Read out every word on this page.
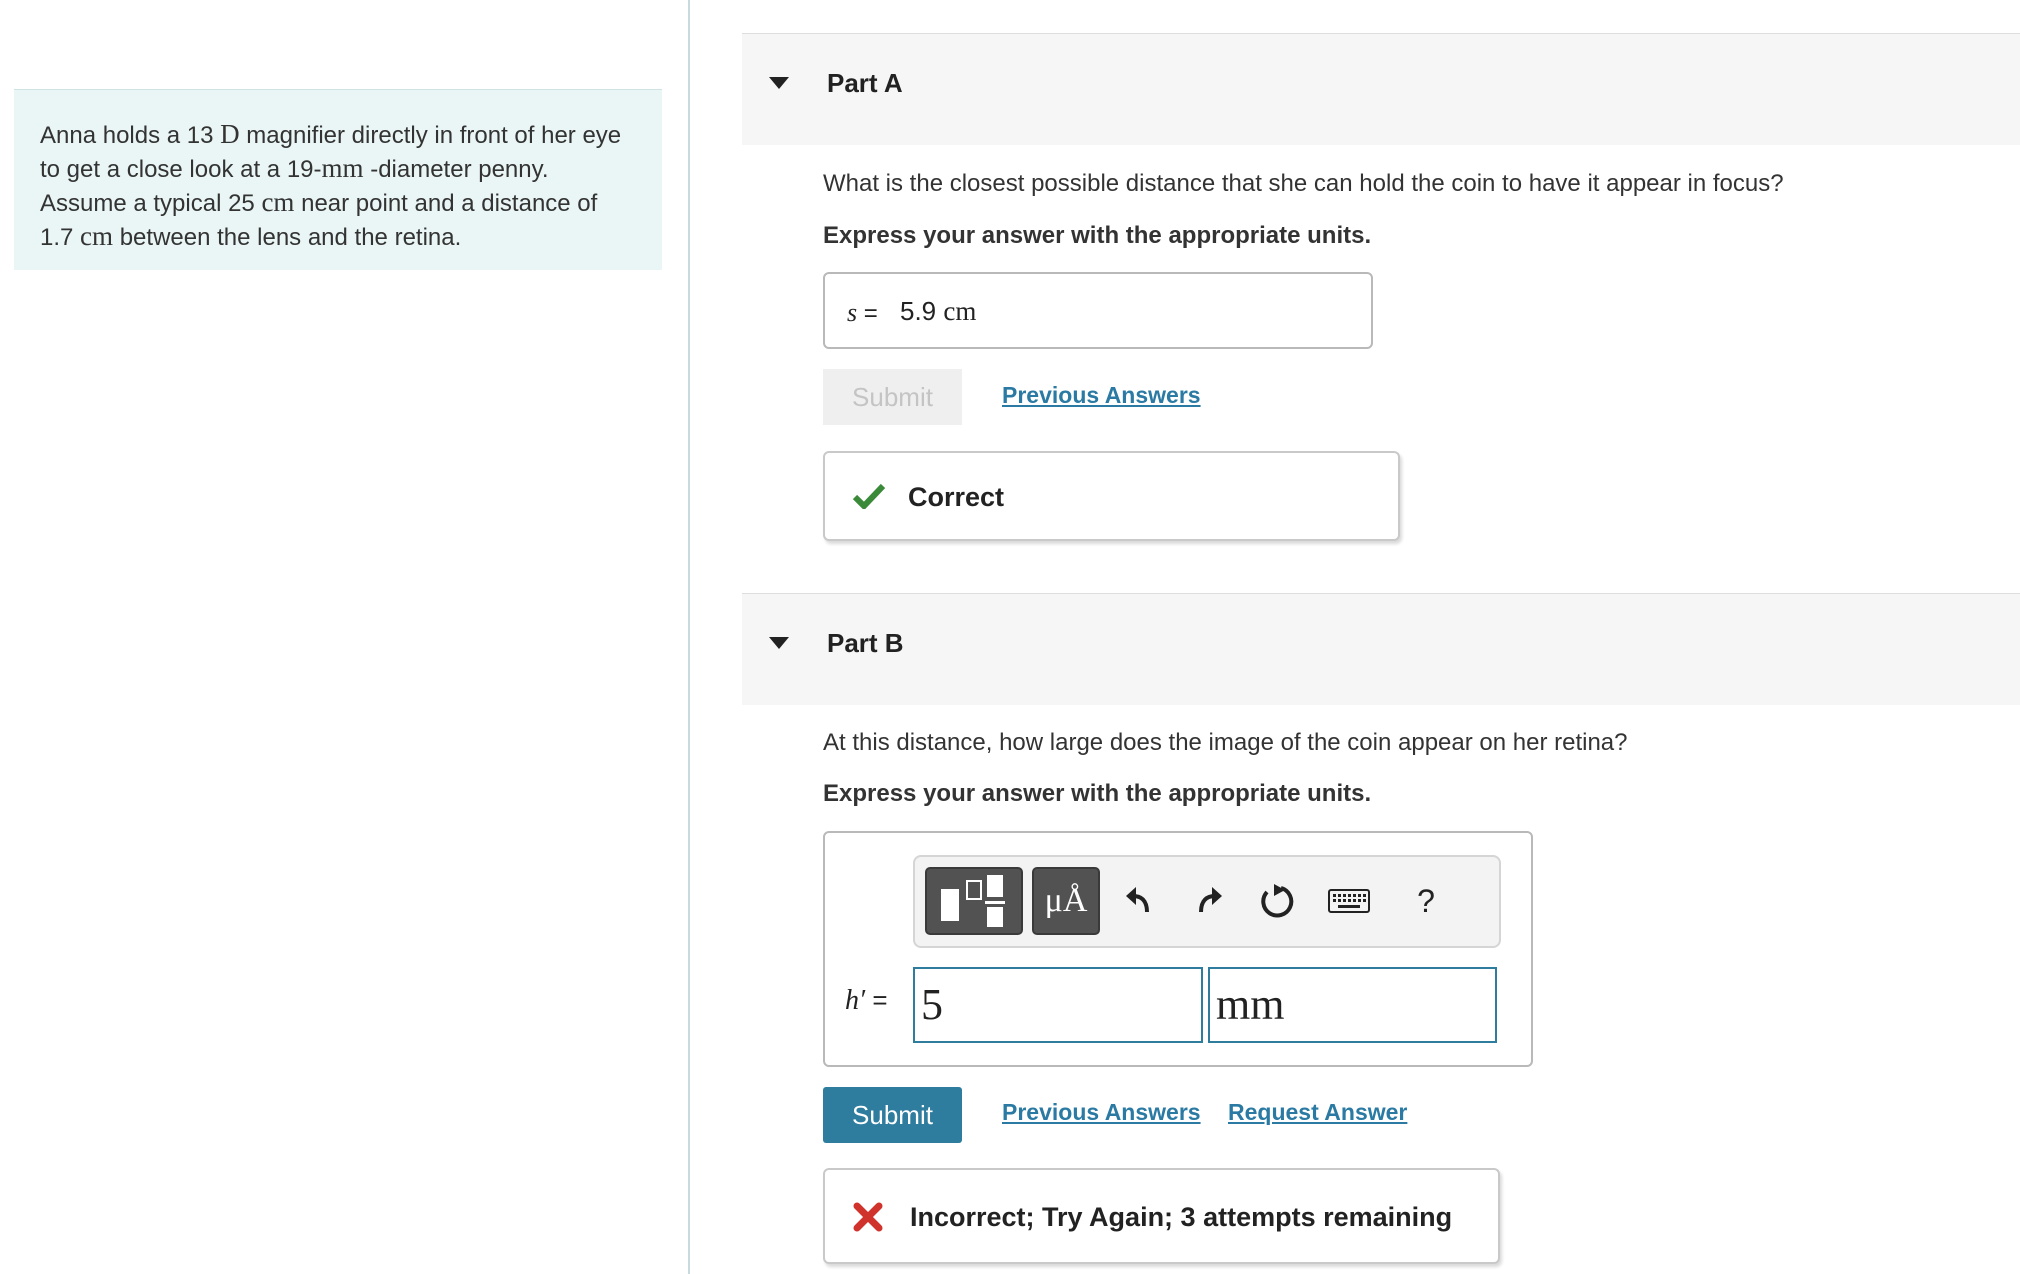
Anna holds a 13 D magnifier directly in front of her eye to get a close look at a 19-mm -diameter penny. Assume a typical 25 cm near point and a distance of 1.7 cm between the lens and the retina.
Part A
What is the closest possible distance that she can hold the coin to have it appear in focus?
Express your answer with the appropriate units.
s = 5.9 cm
Submit	Previous Answers
Correct
Part B
At this distance, how large does the image of the coin appear on her retina?
Express your answer with the appropriate units.
μÅ	?
h′ = 5	mm
Submit	Previous Answers Request Answer
Incorrect; Try Again; 3 attempts remaining
